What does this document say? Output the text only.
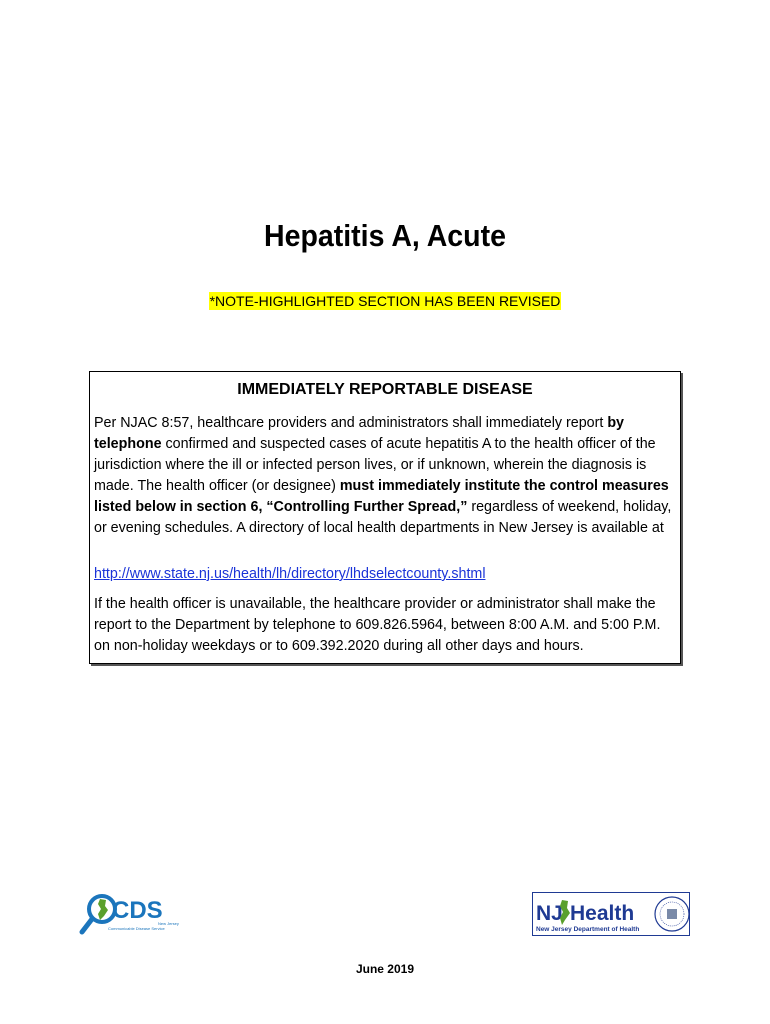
Hepatitis A, Acute
*NOTE-HIGHLIGHTED SECTION HAS BEEN REVISED
IMMEDIATELY REPORTABLE DISEASE
Per NJAC 8:57, healthcare providers and administrators shall immediately report by telephone confirmed and suspected cases of acute hepatitis A to the health officer of the jurisdiction where the ill or infected person lives, or if unknown, wherein the diagnosis is made. The health officer (or designee) must immediately institute the control measures listed below in section 6, “Controlling Further Spread,” regardless of weekend, holiday, or evening schedules. A directory of local health departments in New Jersey is available at
http://www.state.nj.us/health/lh/directory/lhdselectcounty.shtml
If the health officer is unavailable, the healthcare provider or administrator shall make the report to the Department by telephone to 609.826.5964, between 8:00 A.M. and 5:00 P.M. on non-holiday weekdays or to 609.392.2020 during all other days and hours.
CDS
New Jersey
Communicable Disease Service
NJ Health
New Jersey Department of Health
June 2019
